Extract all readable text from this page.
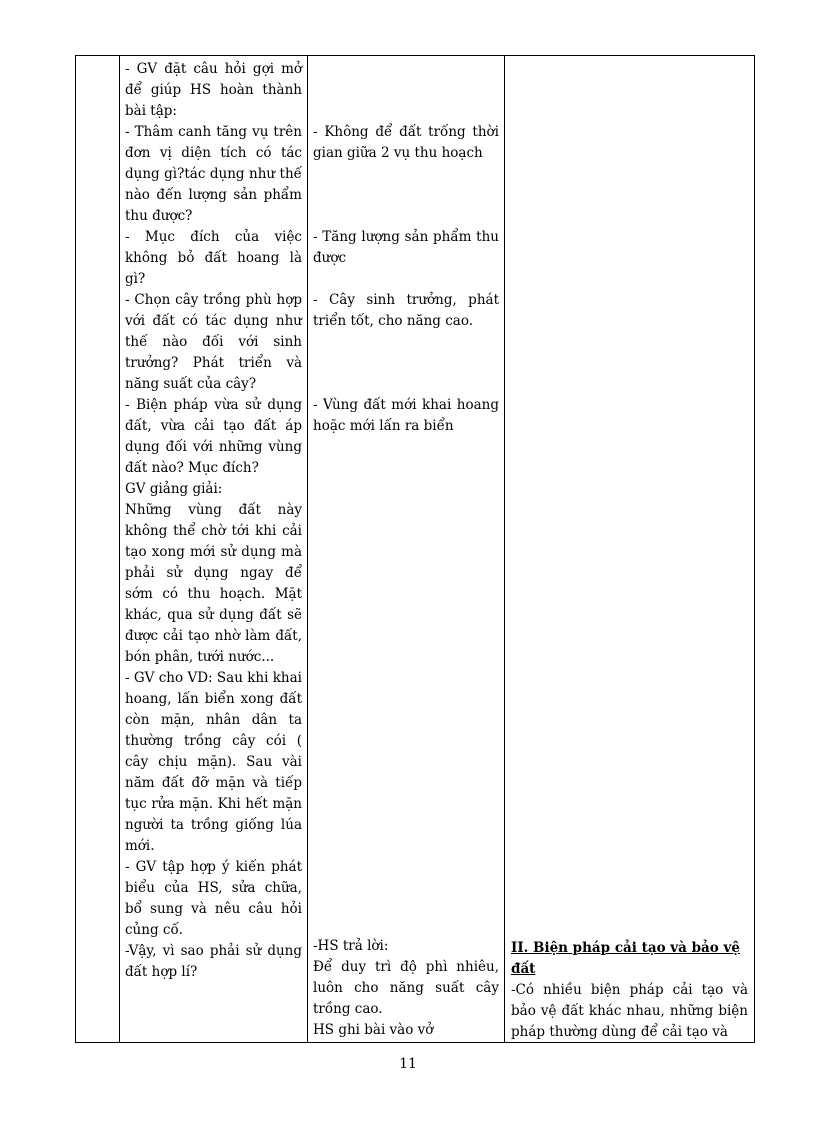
- GV đặt câu hỏi gợi mở để giúp HS hoàn thành bài tập:

- Thâm canh tăng vụ trên đơn vị diện tích có tác dụng gì?tác dụng như thế nào đến lượng sản phẩm thu được?

- Mục đích của việc không bỏ đất hoang là gì?

- Chọn cây trồng phù hợp với đất có tác dụng như thế nào đối với sinh trưởng? Phát triển và năng suất của cây?

- Biện pháp vừa sử dụng đất, vừa cải tạo đất áp dụng đối với những vùng đất nào? Mục đích?

GV giảng giải:

Những vùng đất này không thể chờ tới khi cải tạo xong mới sử dụng mà phải sử dụng ngay để sớm có thu hoạch. Mặt khác, qua sử dụng đất sẽ được cải tạo nhờ làm đất, bón phân, tưới nước...

- GV cho VD: Sau khi khai hoang, lấn biển xong đất còn mặn, nhân dân ta thường trồng cây cói ( cây chịu mặn). Sau vài năm đất đỡ mặn và tiếp tục rửa mặn. Khi hết mặn người ta trồng giống lúa mới.

- GV tập hợp ý kiến phát biểu của HS, sửa chữa, bổ sung và nêu câu hỏi củng cố.

-Vậy, vì sao phải sử dụng đất hợp lí?

- Không để đất trống thời gian giữa 2 vụ thu hoạch

- Tăng lượng sản phẩm thu được

- Cây sinh trưởng, phát triển tốt, cho năng cao.

- Vùng đất mới khai hoang hoặc mới lấn ra biển

-HS trả lời:

Để duy trì độ phì nhiêu, luôn cho năng suất cây trồng cao.

HS ghi bài vào vở

II. Biện pháp cải tạo và bảo vệ đất

-Có nhiều biện pháp cải tạo và bảo vệ đất khác nhau, những biện pháp thường dùng để cải tạo và

11
